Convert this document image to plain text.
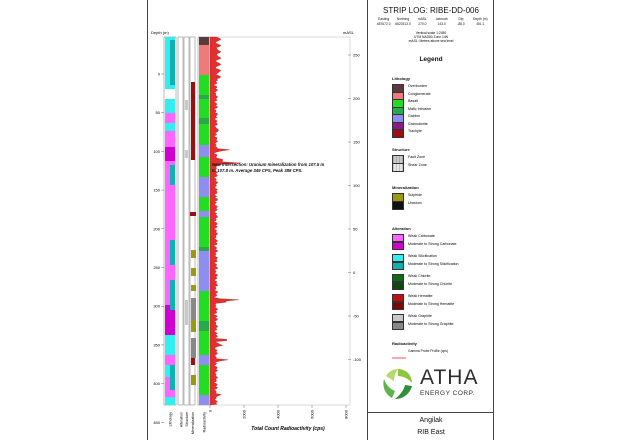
Depth (m)	mASL
0
50
100
150
200
250
300
350
400
450
250
200
150
100
50
0
-50
-100
New Intersection: Uranium mineralization from 107.5 m
to 107.8 m. Average 349 CPS, Peak 388 CPS.
Lithology Alteration Structure Mineralization Radioactivity
0	2000	4000	6000	8000
Total Count Radioactivity (cps)
STRIP LOG: RIBE-DD-006
Easting
487672.0
Northing
6620313.0
mASL
270.0
Azimuth
143.0
Dip
-88.0
Depth (m)
451.1
Vertical scale 1:2450
UTM NAD83 Zone 14N
mASL: Metres above sea level
Legend
Lithology
Structure
Mineralization
Alteration
Radioactivity
Gamma Probe Profile (cps)
ATHA
ENERGY CORP.
Angilak
RIB East
Overburden
Conglomerate
Basalt
Mafic Intrusive
Gabbro
Granodiorite
Trachyte
Fault Zone
Shear Zone
Sulphide
Uranium
Weak Carbonate
Moderate to Strong Carbonate
Weak Silicification
Moderate to Strong Silicification
Weak Chlorite
Moderate to Strong Chlorite
Weak Hematite
Moderate to Strong Hematite
Weak Graphite
Moderate to Strong Graphite
